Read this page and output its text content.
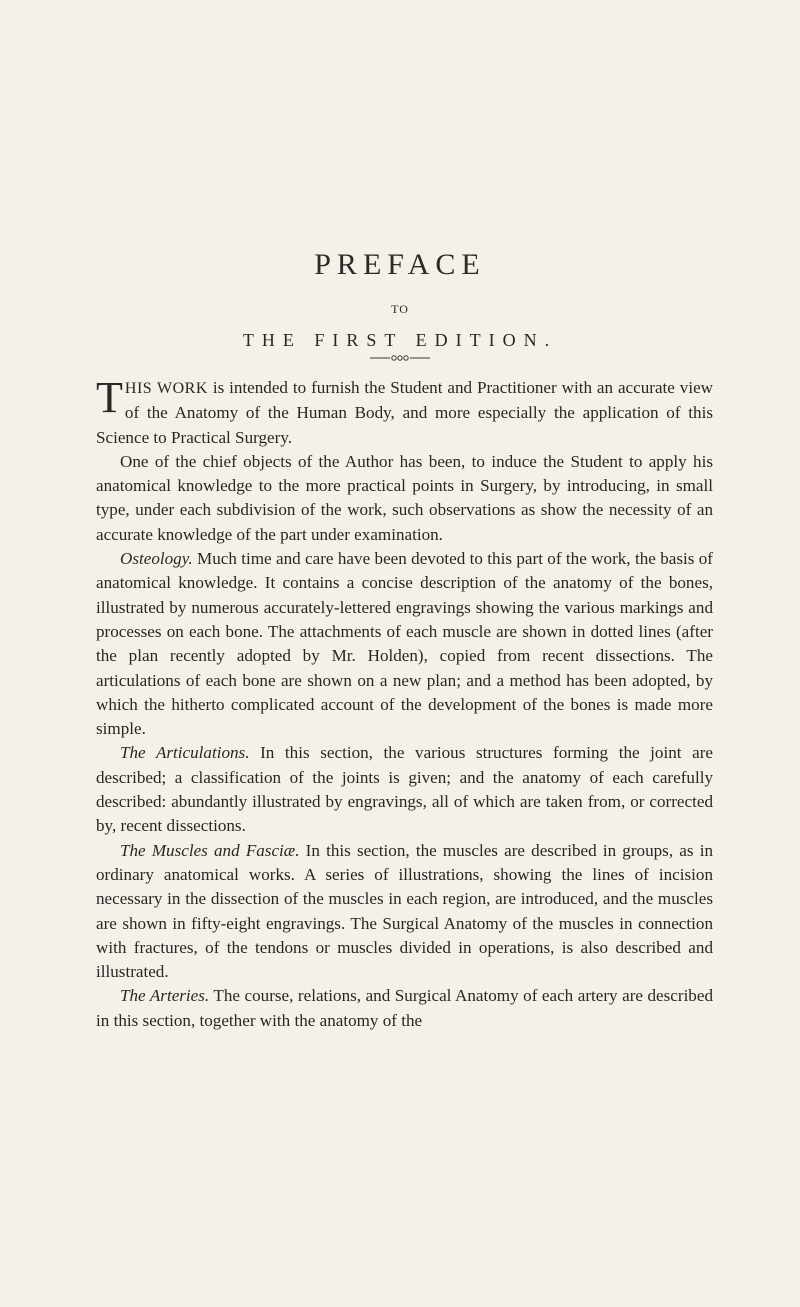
PREFACE
TO
THE FIRST EDITION.

THIS WORK is intended to furnish the Student and Practitioner with an accurate view of the Anatomy of the Human Body, and more especially the application of this Science to Practical Surgery.

One of the chief objects of the Author has been, to induce the Student to apply his anatomical knowledge to the more practical points in Surgery, by introducing, in small type, under each subdivision of the work, such observations as show the necessity of an accurate knowledge of the part under examination.

Osteology. Much time and care have been devoted to this part of the work, the basis of anatomical knowledge. It contains a concise description of the anatomy of the bones, illustrated by numerous accurately-lettered engravings showing the various markings and processes on each bone. The attachments of each muscle are shown in dotted lines (after the plan recently adopted by Mr. Holden), copied from recent dissections. The articulations of each bone are shown on a new plan; and a method has been adopted, by which the hitherto complicated account of the development of the bones is made more simple.

The Articulations. In this section, the various structures forming the joint are described; a classification of the joints is given; and the anatomy of each carefully described: abundantly illustrated by engravings, all of which are taken from, or corrected by, recent dissections.

The Muscles and Fasciæ. In this section, the muscles are described in groups, as in ordinary anatomical works. A series of illustrations, showing the lines of incision necessary in the dissection of the muscles in each region, are introduced, and the muscles are shown in fifty-eight engravings. The Surgical Anatomy of the muscles in connection with fractures, of the tendons or muscles divided in operations, is also described and illustrated.

The Arteries. The course, relations, and Surgical Anatomy of each artery are described in this section, together with the anatomy of the
